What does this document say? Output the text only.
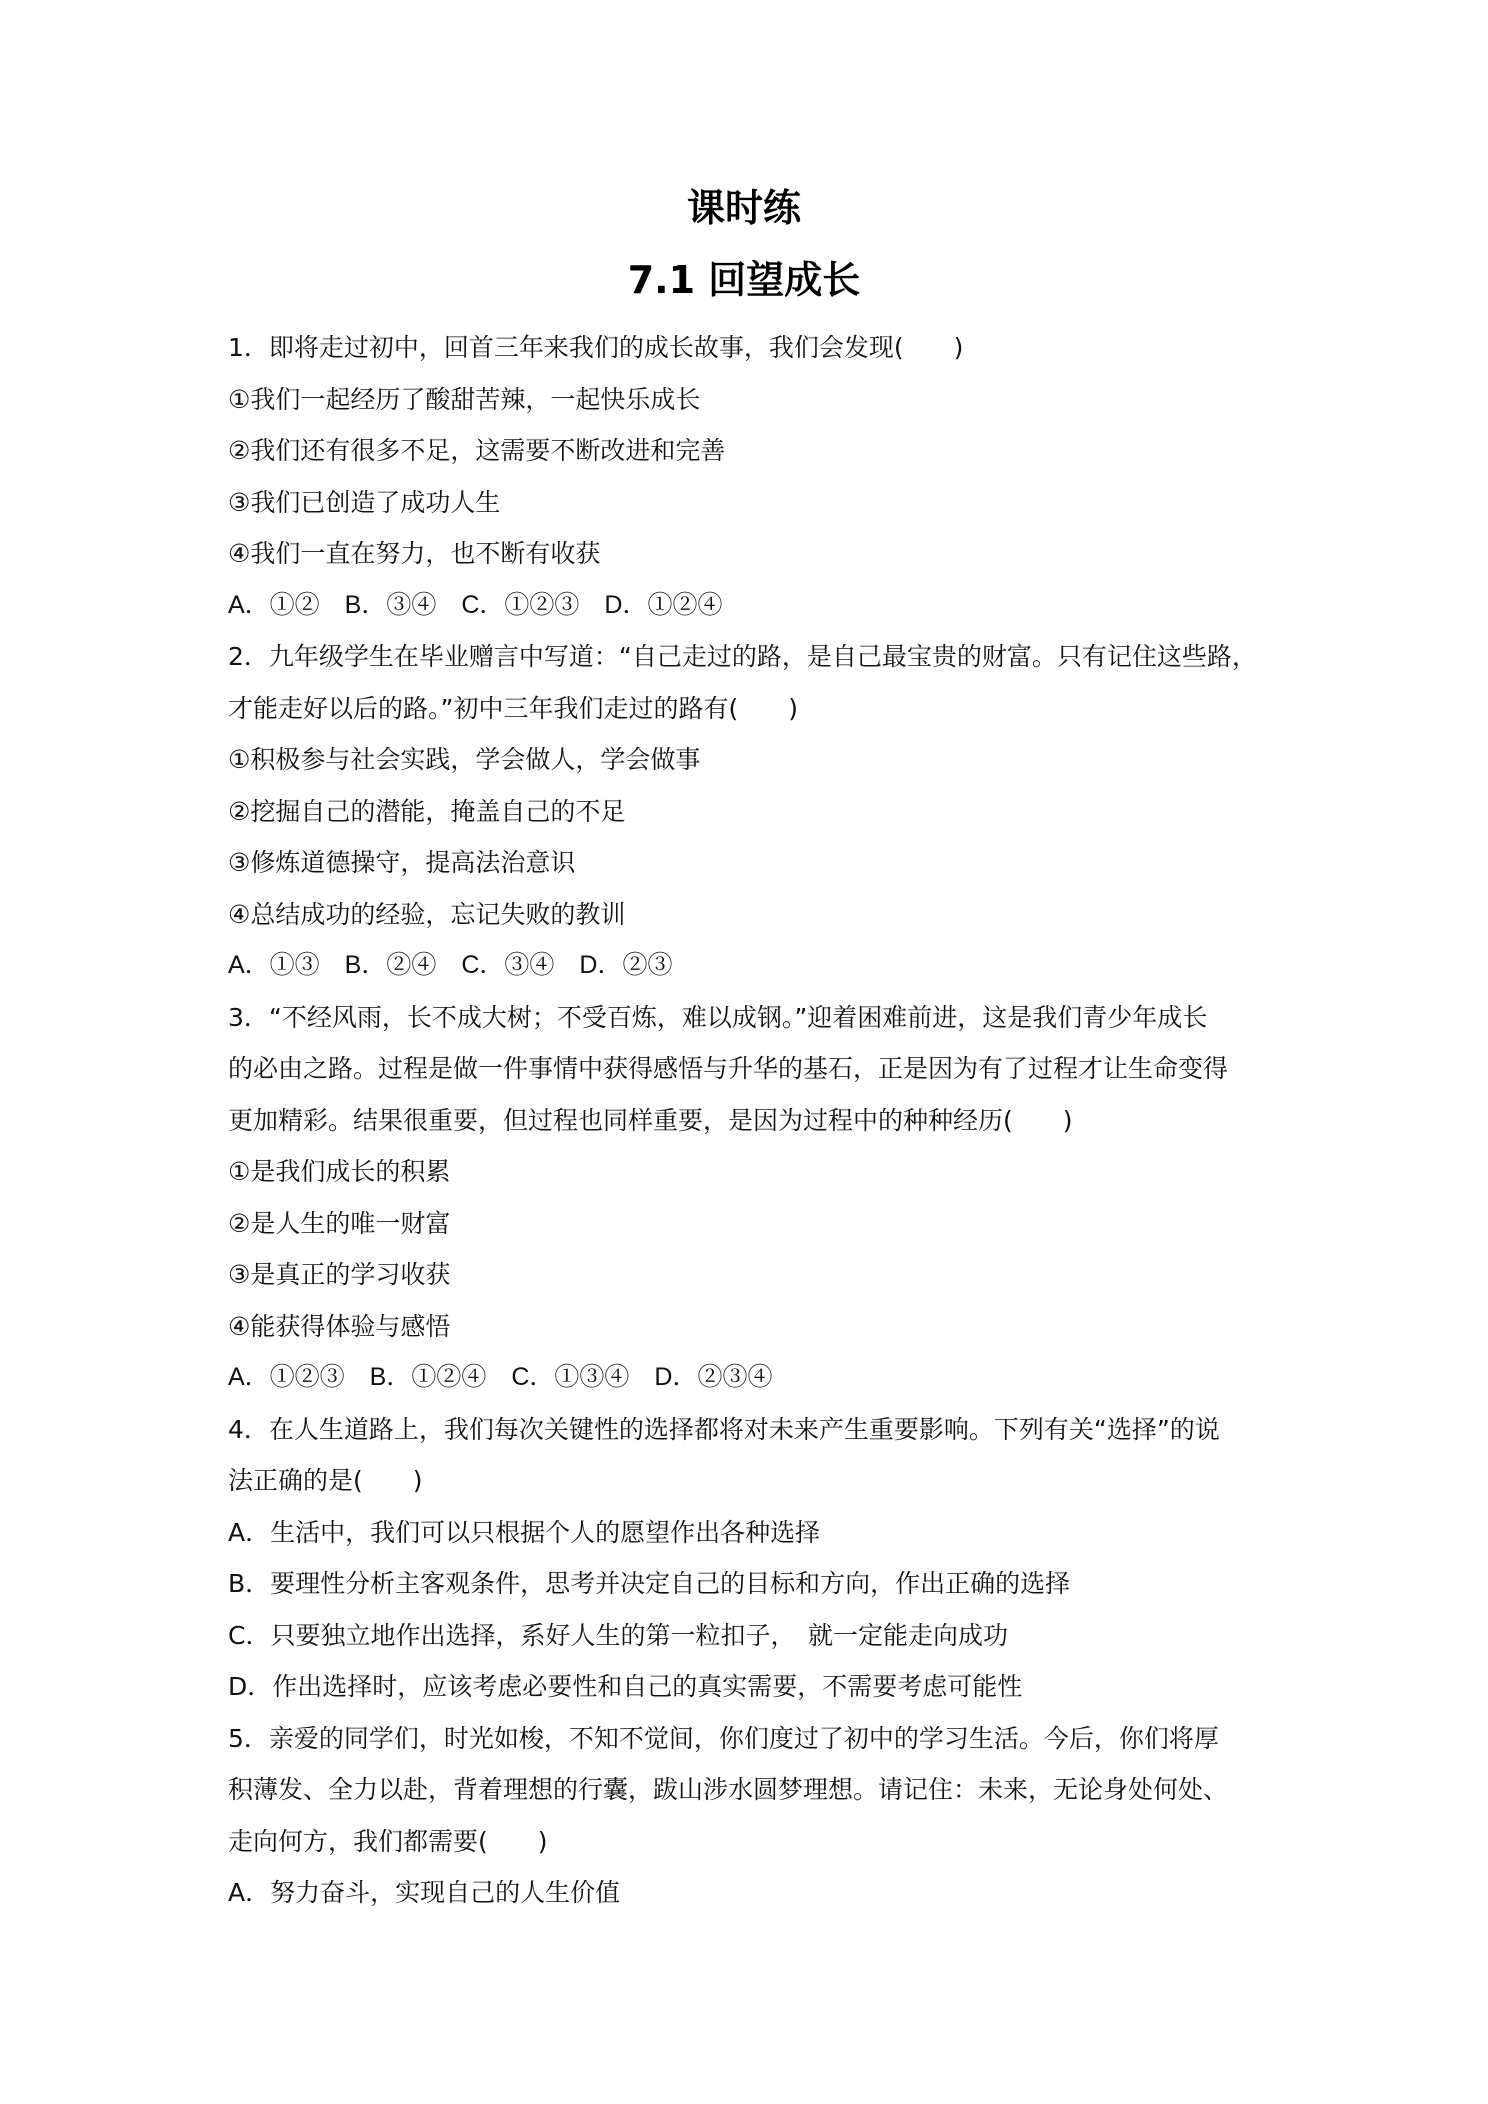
课时练
7.1 回望成长
1．即将走过初中，回首三年来我们的成长故事，我们会发现(　　)
①我们一起经历了酸甜苦辣，一起快乐成长
②我们还有很多不足，这需要不断改进和完善
③我们已创造了成功人生
④我们一直在努力，也不断有收获
A．①②　B．③④　C．①②③　D．①②④
2．九年级学生在毕业赠言中写道：“自己走过的路，是自己最宝贵的财富。只有记住这些路，
才能走好以后的路。”初中三年我们走过的路有(　　)
①积极参与社会实践，学会做人，学会做事
②挖掘自己的潜能，掩盖自己的不足
③修炼道德操守，提高法治意识
④总结成功的经验，忘记失败的教训
A．①③　B．②④　C．③④　D．②③
3．“不经风雨，长不成大树；不受百炼，难以成钢。”迎着困难前进，这是我们青少年成长
的必由之路。过程是做一件事情中获得感悟与升华的基石，正是因为有了过程才让生命变得
更加精彩。结果很重要，但过程也同样重要，是因为过程中的种种经历(　　)
①是我们成长的积累
②是人生的唯一财富
③是真正的学习收获
④能获得体验与感悟
A．①②③　B．①②④　C．①③④　D．②③④
4．在人生道路上，我们每次关键性的选择都将对未来产生重要影响。下列有关“选择”的说
法正确的是(　　)
A．生活中，我们可以只根据个人的愿望作出各种选择
B．要理性分析主客观条件，思考并决定自己的目标和方向，作出正确的选择
C．只要独立地作出选择，系好人生的第一粒扣子，　就一定能走向成功
D．作出选择时，应该考虑必要性和自己的真实需要，不需要考虑可能性
5．亲爱的同学们，时光如梭，不知不觉间，你们度过了初中的学习生活。今后，你们将厚
积薄发、全力以赴，背着理想的行囊，跋山涉水圆梦理想。请记住：未来，无论身处何处、
走向何方，我们都需要(　　)
A．努力奋斗，实现自己的人生价值
